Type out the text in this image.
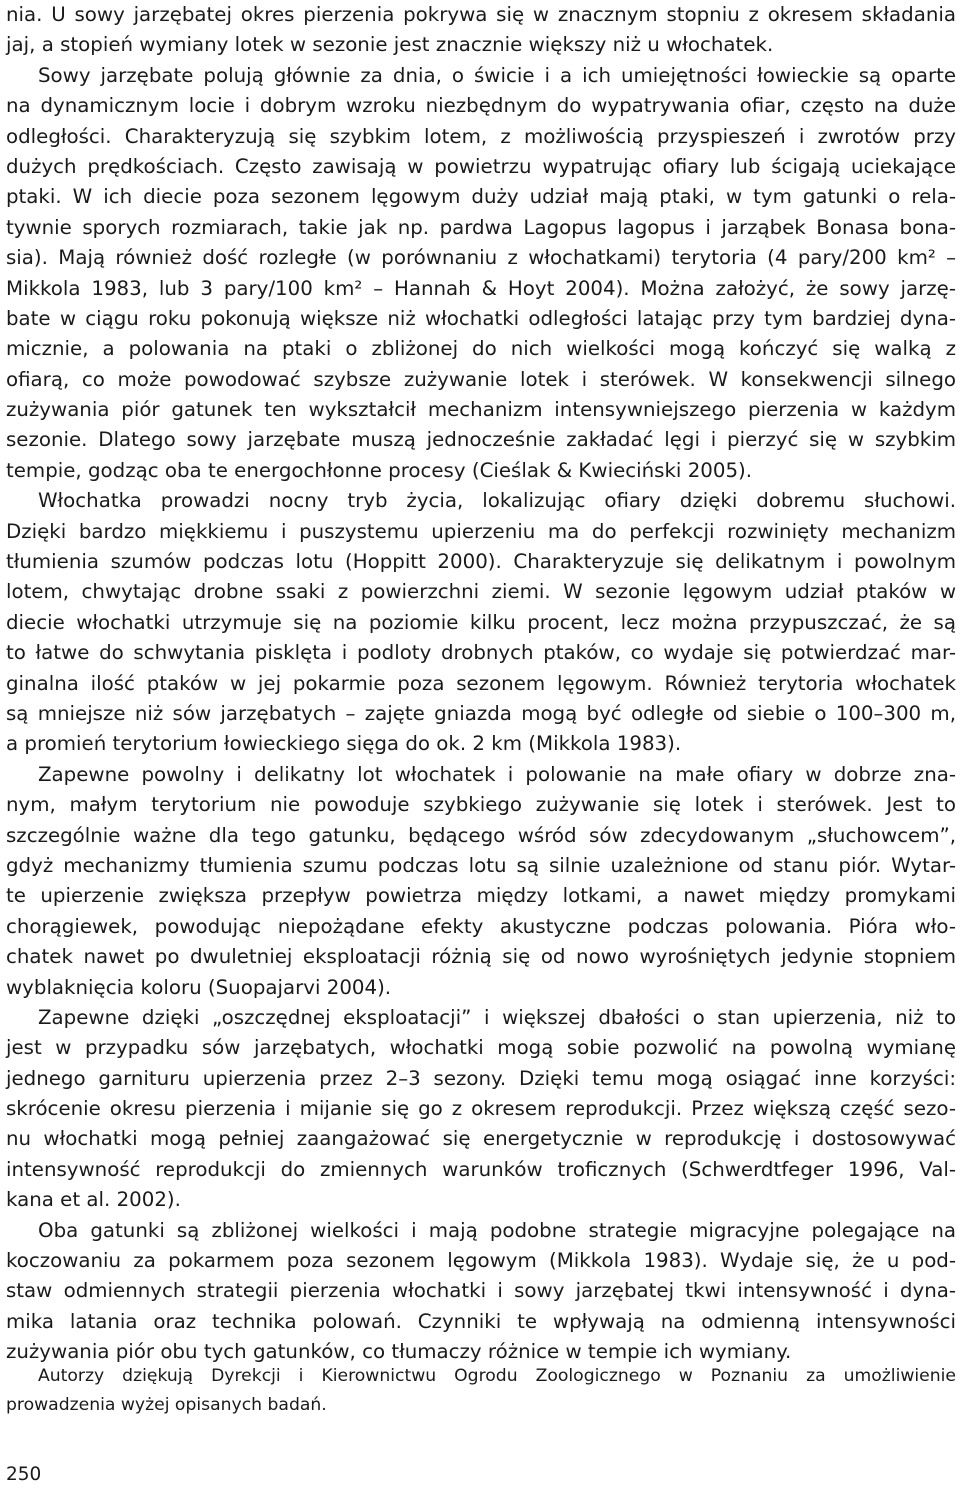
nia. U sowy jarzębatej okres pierzenia pokrywa się w znacznym stopniu z okresem składania
jaj, a stopień wymiany lotek w sezonie jest znacznie większy niż u włochatek.
Sowy jarzębate polują głównie za dnia, o świcie i a ich umiejętności łowieckie są oparte
na dynamicznym locie i dobrym wzroku niezbędnym do wypatrywania ofiar, często na duże
odległości. Charakteryzują się szybkim lotem, z możliwością przyspieszeń i zwrotów przy
dużych prędkościach. Często zawisają w powietrzu wypatrując ofiary lub ścigają uciekające
ptaki. W ich diecie poza sezonem lęgowym duży udział mają ptaki, w tym gatunki o rela-
tywnie sporych rozmiarach, takie jak np. pardwa Lagopus lagopus i jarząbek Bonasa bona-
sia). Mają również dość rozległe (w porównaniu z włochatkami) terytoria (4 pary/200 km² –
Mikkola 1983, lub 3 pary/100 km² – Hannah & Hoyt 2004). Można założyć, że sowy jarzę-
bate w ciągu roku pokonują większe niż włochatki odległości latając przy tym bardziej dyna-
micznie, a polowania na ptaki o zbliżonej do nich wielkości mogą kończyć się walką z
ofiarą, co może powodować szybsze zużywanie lotek i sterówek. W konsekwencji silnego
zużywania piór gatunek ten wykształcił mechanizm intensywniejszego pierzenia w każdym
sezonie. Dlatego sowy jarzębate muszą jednocześnie zakładać lęgi i pierzyć się w szybkim
tempie, godząc oba te energochłonne procesy (Cieślak & Kwieciński 2005).
Włochatka prowadzi nocny tryb życia, lokalizując ofiary dzięki dobremu słuchowi.
Dzięki bardzo miękkiemu i puszystemu upierzeniu ma do perfekcji rozwinięty mechanizm
tłumienia szumów podczas lotu (Hoppitt 2000). Charakteryzuje się delikatnym i powolnym
lotem, chwytając drobne ssaki z powierzchni ziemi. W sezonie lęgowym udział ptaków w
diecie włochatki utrzymuje się na poziomie kilku procent, lecz można przypuszczać, że są
to łatwe do schwytania pisklęta i podloty drobnych ptaków, co wydaje się potwierdzać mar-
ginalna ilość ptaków w jej pokarmie poza sezonem lęgowym. Również terytoria włochatek
są mniejsze niż sów jarzębatych – zajęte gniazda mogą być odległe od siebie o 100–300 m,
a promień terytorium łowieckiego sięga do ok. 2 km (Mikkola 1983).
Zapewne powolny i delikatny lot włochatek i polowanie na małe ofiary w dobrze zna-
nym, małym terytorium nie powoduje szybkiego zużywanie się lotek i sterówek. Jest to
szczególnie ważne dla tego gatunku, będącego wśród sów zdecydowanym „słuchowcem”,
gdyż mechanizmy tłumienia szumu podczas lotu są silnie uzależnione od stanu piór. Wytar-
te upierzenie zwiększa przepływ powietrza między lotkami, a nawet między promykami
chorągiewek, powodując niepożądane efekty akustyczne podczas polowania. Pióra wło-
chatek nawet po dwuletniej eksploatacji różnią się od nowo wyrośniętych jedynie stopniem
wyblaknięcia koloru (Suopajarvi 2004).
Zapewne dzięki „oszczędnej eksploatacji” i większej dbałości o stan upierzenia, niż to
jest w przypadku sów jarzębatych, włochatki mogą sobie pozwolić na powolną wymianę
jednego garnituru upierzenia przez 2–3 sezony. Dzięki temu mogą osiągać inne korzyści:
skrócenie okresu pierzenia i mijanie się go z okresem reprodukcji. Przez większą część sezo-
nu włochatki mogą pełniej zaangażować się energetycznie w reprodukcję i dostosowywać
intensywność reprodukcji do zmiennych warunków troficznych (Schwerdtfeger 1996, Val-
kana et al. 2002).
Oba gatunki są zbliżonej wielkości i mają podobne strategie migracyjne polegające na
koczowaniu za pokarmem poza sezonem lęgowym (Mikkola 1983). Wydaje się, że u pod-
staw odmiennych strategii pierzenia włochatki i sowy jarzębatej tkwi intensywność i dyna-
mika latania oraz technika polowań. Czynniki te wpływają na odmienną intensywności
zużywania piór obu tych gatunków, co tłumaczy różnice w tempie ich wymiany.
Autorzy dziękują Dyrekcji i Kierownictwu Ogrodu Zoologicznego w Poznaniu za umożliwienie
prowadzenia wyżej opisanych badań.
250
